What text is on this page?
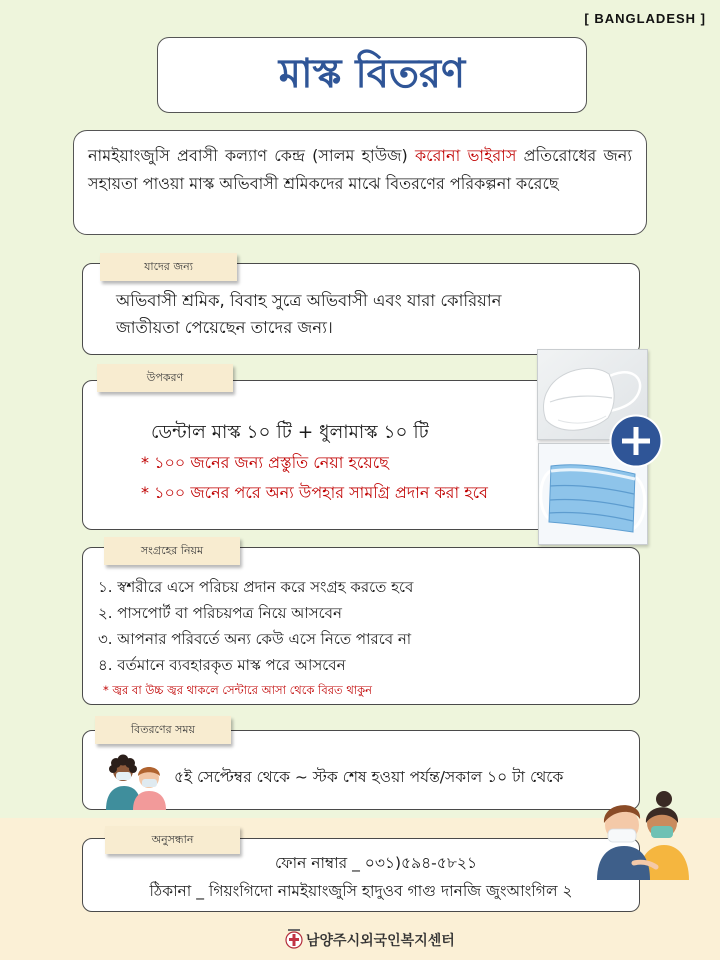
[ BANGLADESH ]
মাস্ক বিতরণ
নামইয়াংজুসি প্রবাসী কল্যাণ কেন্দ্র (সালম হাউজ) করোনা ভাইরাস প্রতিরোধের জন্য সহায়তা পাওয়া মাস্ক অভিবাসী শ্রমিকদের মাঝে বিতরণের পরিকল্পনা করেছে
যাদের জন্য
অভিবাসী শ্রমিক, বিবাহ সুত্রে অভিবাসী এবং যারা কোরিয়ান জাতীয়তা পেয়েছেন তাদের জন্য।
উপকরণ
ডেন্টাল মাস্ক ১০ টি + ধুলামাস্ক ১০ টি
* ১০০ জনের জন্য প্রস্তুতি নেয়া হয়েছে
* ১০০ জনের পরে অন্য উপহার সামগ্রি প্রদান করা হবে
সংগ্রহের নিয়ম
১. স্বশরীরে এসে পরিচয় প্রদান করে সংগ্রহ করতে হবে
২. পাসপোর্ট বা পরিচয়পত্র নিয়ে আসবেন
৩. আপনার পরিবর্তে অন্য কেউ এসে নিতে পারবে না
৪. বর্তমানে ব্যবহারকৃত মাস্ক পরে আসবেন
* জ্বর বা উচ্চ জ্বর থাকলে সেন্টারে আসা থেকে বিরত থাকুন
বিতরণের সময়
৫ই সেপ্টেম্বর থেকে ~ স্টক শেষ হওয়া পর্যন্ত/সকাল ১০ টা থেকে
অনুসন্ধান
ফোন নাম্বার _ ০৩১)৫৯৪-৫৮২১
ঠিকানা _ গিয়ংগিদো নামইয়াংজুসি হাদুওব গাগু দানজি জুংআংগিল ২
남양주시외국인복지센터
